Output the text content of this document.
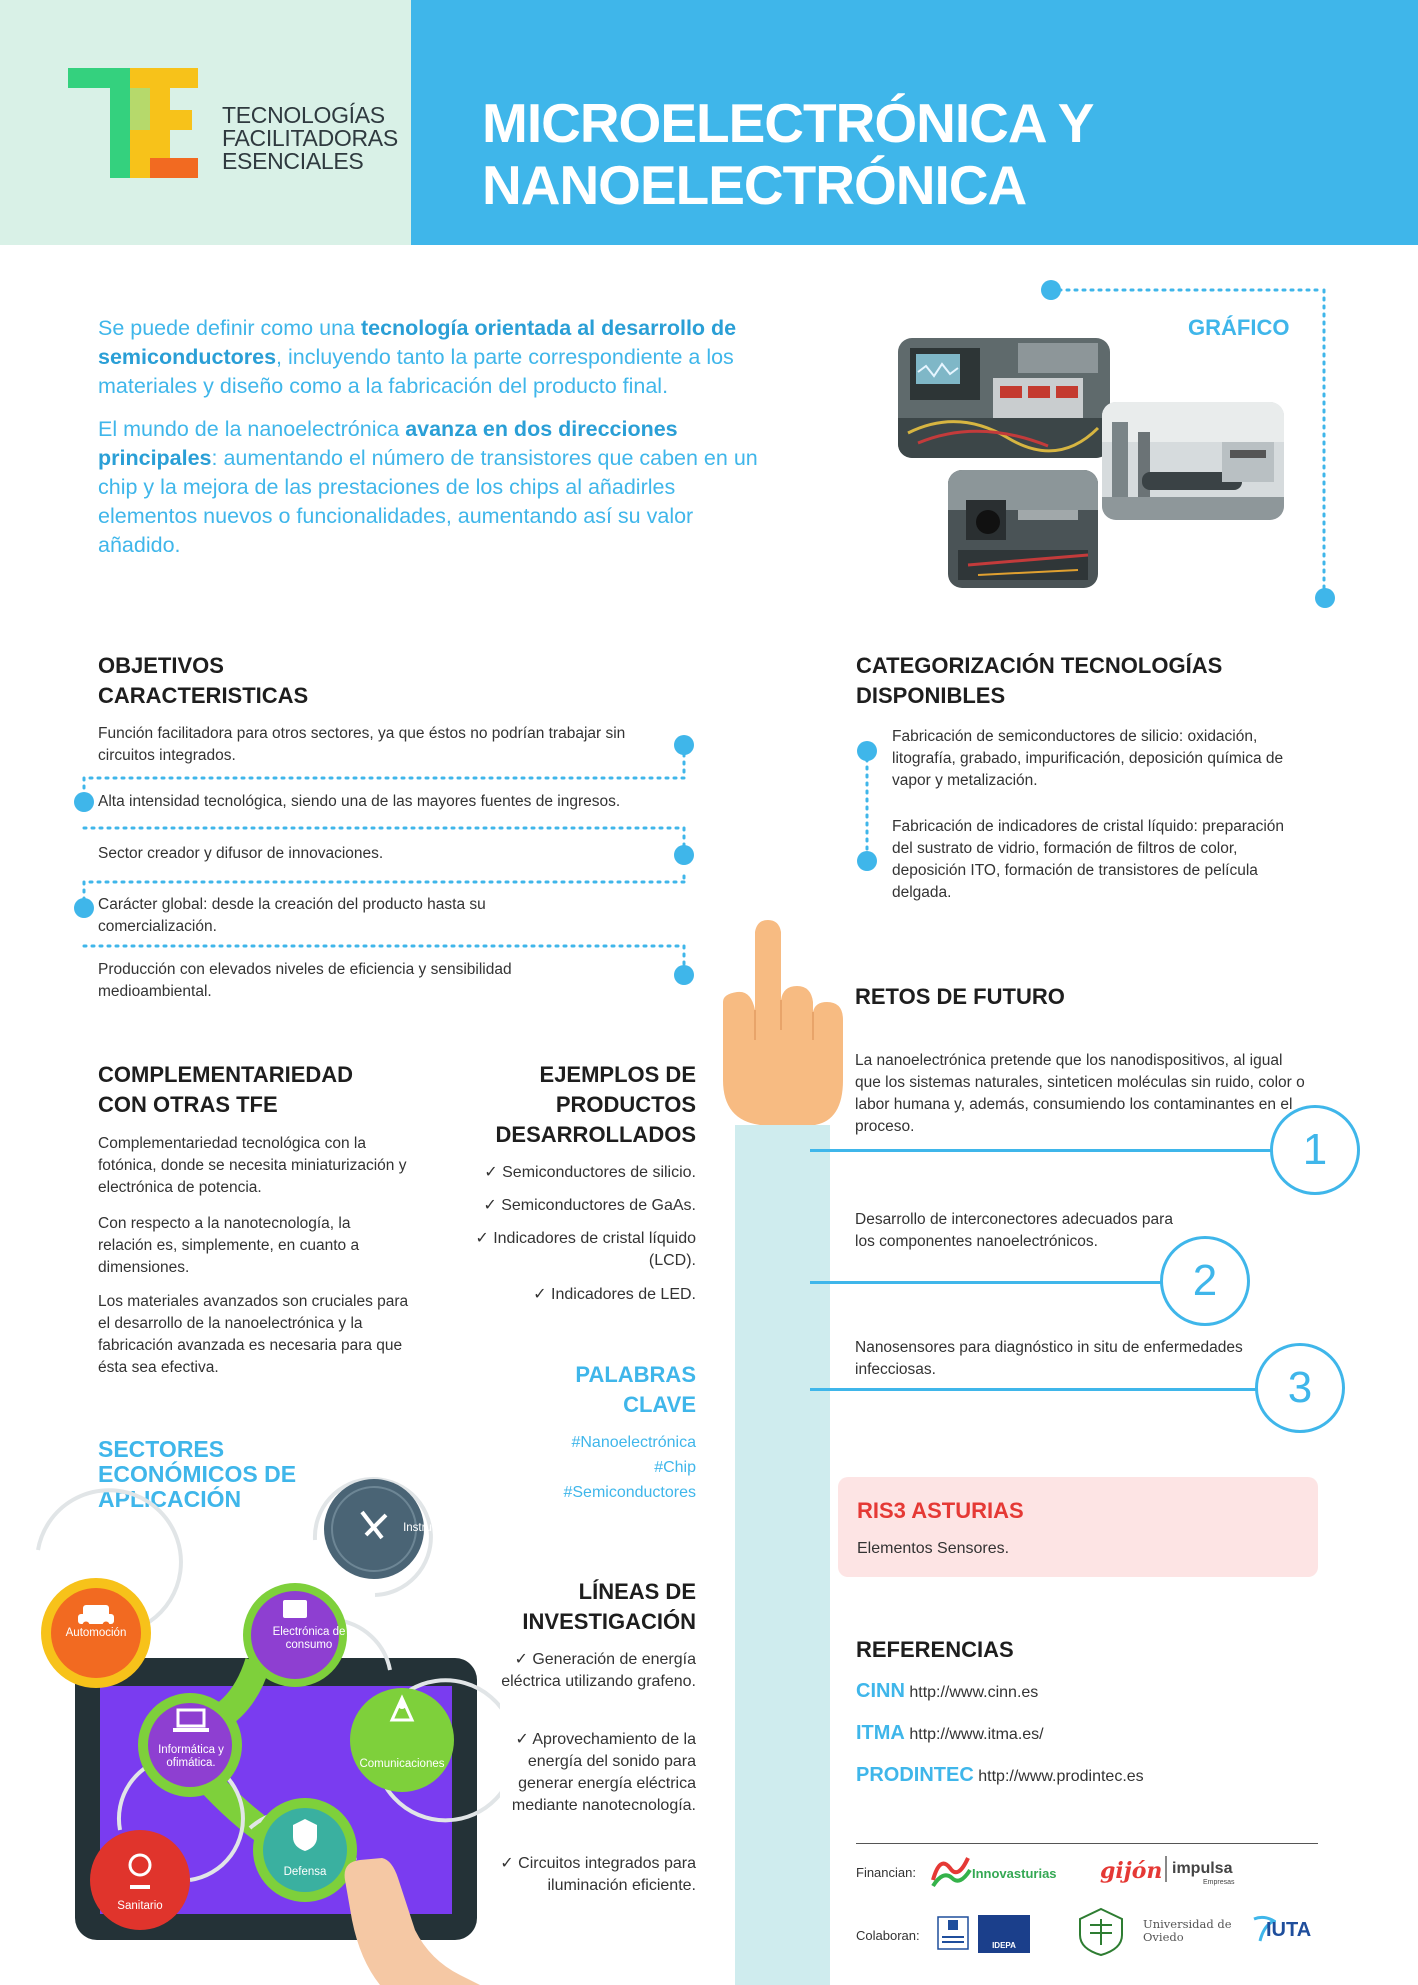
TECNOLOGÍAS
FACILITADORAS
ESENCIALES
MICROELECTRÓNICA Y
NANOELECTRÓNICA
Se puede definir como una tecnología orientada al desarrollo de semiconductores, incluyendo tanto la parte correspondiente a los materiales y diseño como a la fabricación del producto final.
El mundo de la nanoelectrónica avanza en dos direcciones principales: aumentando el número de transistores que caben en un chip y la mejora de las prestaciones de los chips al añadirles elementos nuevos o funcionalidades, aumentando así su valor añadido.
GRÁFICO
OBJETIVOS
CARACTERISTICAS
Función facilitadora para otros sectores, ya que éstos no podrían trabajar sin circuitos integrados.
Alta intensidad tecnológica, siendo una de las mayores fuentes de ingresos.
Sector creador y difusor de innovaciones.
Carácter global: desde la creación del producto hasta su comercialización.
Producción con elevados niveles de eficiencia y sensibilidad medioambiental.
CATEGORIZACIÓN TECNOLOGÍAS
DISPONIBLES
Fabricación de semiconductores de silicio: oxidación, litografía, grabado, impurificación, deposición química de vapor y metalización.
Fabricación de indicadores de cristal líquido: preparación del sustrato de vidrio, formación de filtros de color, deposición ITO, formación de transistores de película delgada.
RETOS DE FUTURO
La nanoelectrónica pretende que los nanodispositivos, al igual que los sistemas naturales, sinteticen moléculas sin ruido, color o labor humana y, además, consumiendo los contaminantes en el proceso.	1
Desarrollo de interconectores adecuados para los componentes nanoelectrónicos.
2
Nanosensores para diagnóstico in situ de enfermedades infecciosas.	3
RIS3 ASTURIAS
Elementos Sensores.
REFERENCIAS
CINN http://www.cinn.es
ITMA http://www.itma.es/
PRODINTEC http://www.prodintec.es
Financian:
Colaboran:
Innovasturias gijón impulsa
Empresas
IDEPA
Universidad de
Oviedo	IUTA
COMPLEMENTARIEDAD
CON OTRAS TFE
Complementariedad tecnológica con la fotónica, donde se necesita miniaturización y electrónica de potencia.
Con respecto a la nanotecnología, la relación es, simplemente, en cuanto a dimensiones.
Los materiales avanzados son cruciales para el desarrollo de la nanoelectrónica y la fabricación avanzada es necesaria para que ésta sea efectiva.
EJEMPLOS DE
PRODUCTOS
DESARROLLADOS
✓ Semiconductores de silicio.
✓ Semiconductores de GaAs.
✓ Indicadores de cristal líquido (LCD).
✓ Indicadores de LED.
PALABRAS
CLAVE
#Nanoelectrónica
#Chip
#Semiconductores
LÍNEAS DE
INVESTIGACIÓN
✓ Generación de energía eléctrica utilizando grafeno.
✓ Aprovechamiento de la energía del sonido para generar energía eléctrica mediante nanotecnología.
✓ Circuitos integrados para iluminación eficiente.
SECTORES
ECONÓMICOS DE
APLICACIÓN
Instrumentación
Automoción	Electrónica de consumo
Informática y ofimática.	Comunicaciones
Defensa
Sanitario
